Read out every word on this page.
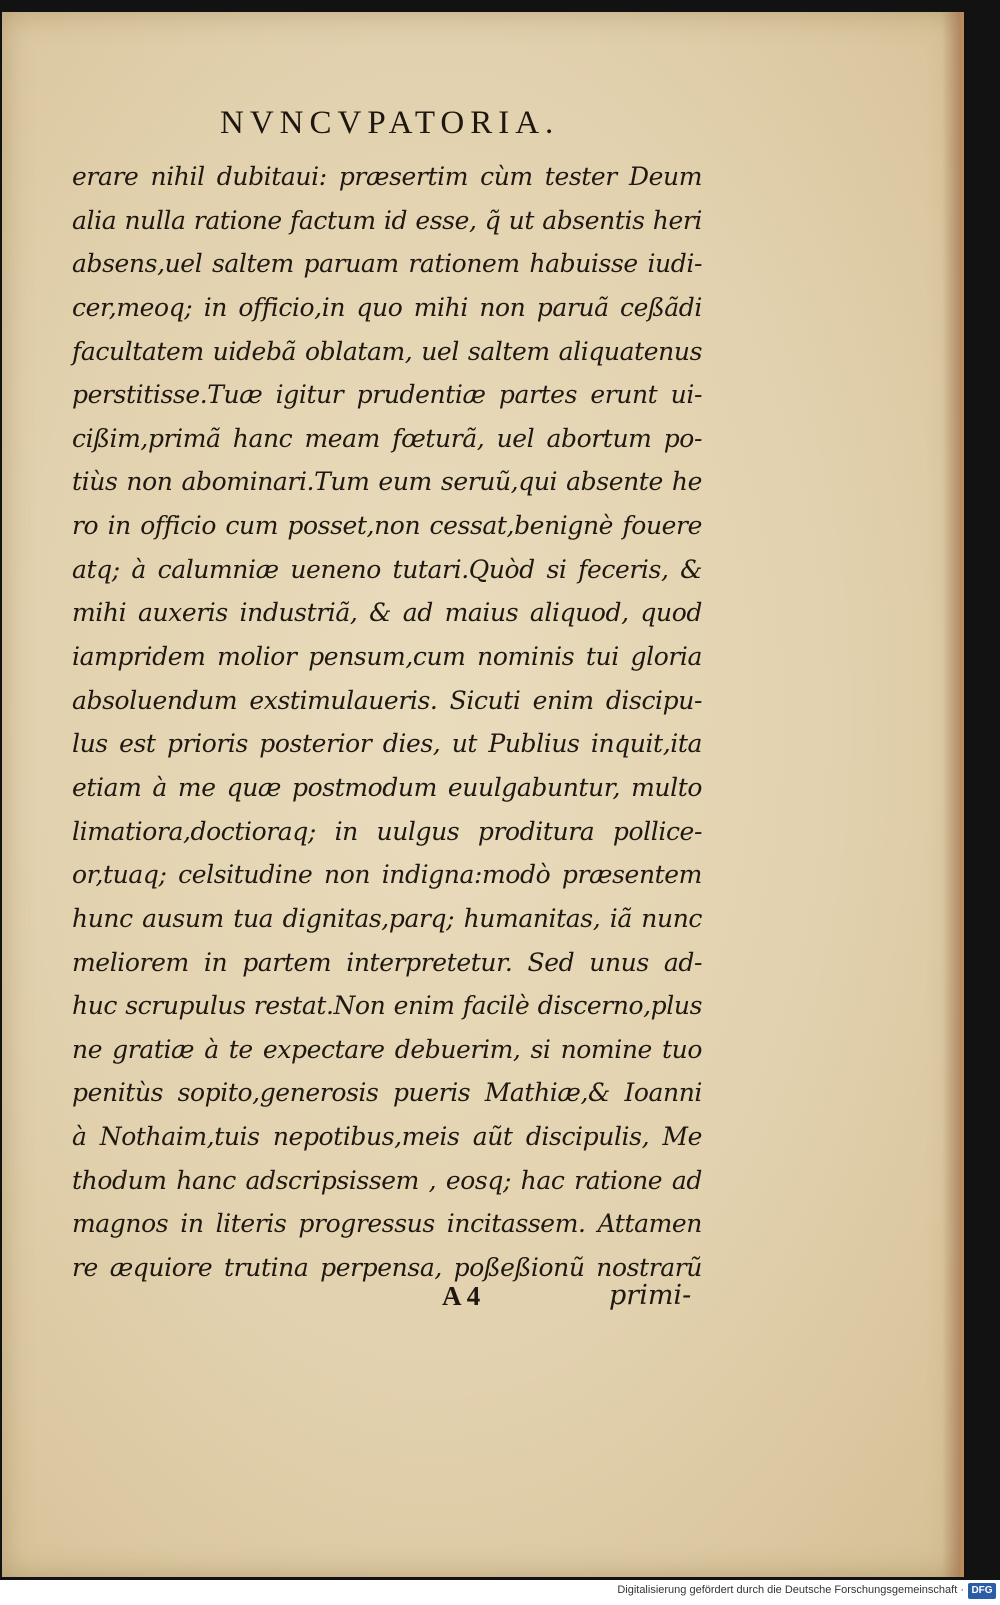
NVNCVPATORIA.
erare nihil dubitaui: præsertim cùm tester Deum
alia nulla ratione factum id esse, q̃ ut absentis heri
absens,uel saltem paruam rationem habuisse iudi-
cer,meoq; in officio,in quo mihi non paruã ceßãdi
facultatem uidebã oblatam, uel saltem aliquatenus
perstitisse.Tuæ igitur prudentiæ partes erunt ui-
cißim,primã hanc meam fœturã, uel abortum po-
tiùs non abominari.Tum eum seruũ,qui absente he
ro in officio cum posset,non cessat,benignè fouere
atq; à calumniæ ueneno tutari.Quòd si feceris, &
mihi auxeris industriã, & ad maius aliquod, quod
iampridem molior pensum,cum nominis tui gloria
absoluendum exstimulaueris. Sicuti enim discipu-
lus est prioris posterior dies, ut Publius inquit,ita
etiam à me quæ postmodum euulgabuntur, multo
limatiora,doctioraq; in uulgus proditura pollice-
or,tuaq; celsitudine non indigna:modò præsentem
hunc ausum tua dignitas,parq; humanitas, iã nunc
meliorem in partem interpretetur. Sed unus ad-
huc scrupulus restat.Non enim facilè discerno,plus
ne gratiæ à te expectare debuerim, si nomine tuo
penitùs sopito,generosis pueris Mathiæ,& Ioanni
à Nothaim,tuis nepotibus,meis aũt discipulis, Me
thodum hanc adscripsissem , eosq; hac ratione ad
magnos in literis progressus incitassem. Attamen
re æquiore trutina perpensa, poßeßionũ nostrarũ
A 4	primi-
Digitalisierung gefördert durch die Deutsche Forschungsgemeinschaft · DFG
